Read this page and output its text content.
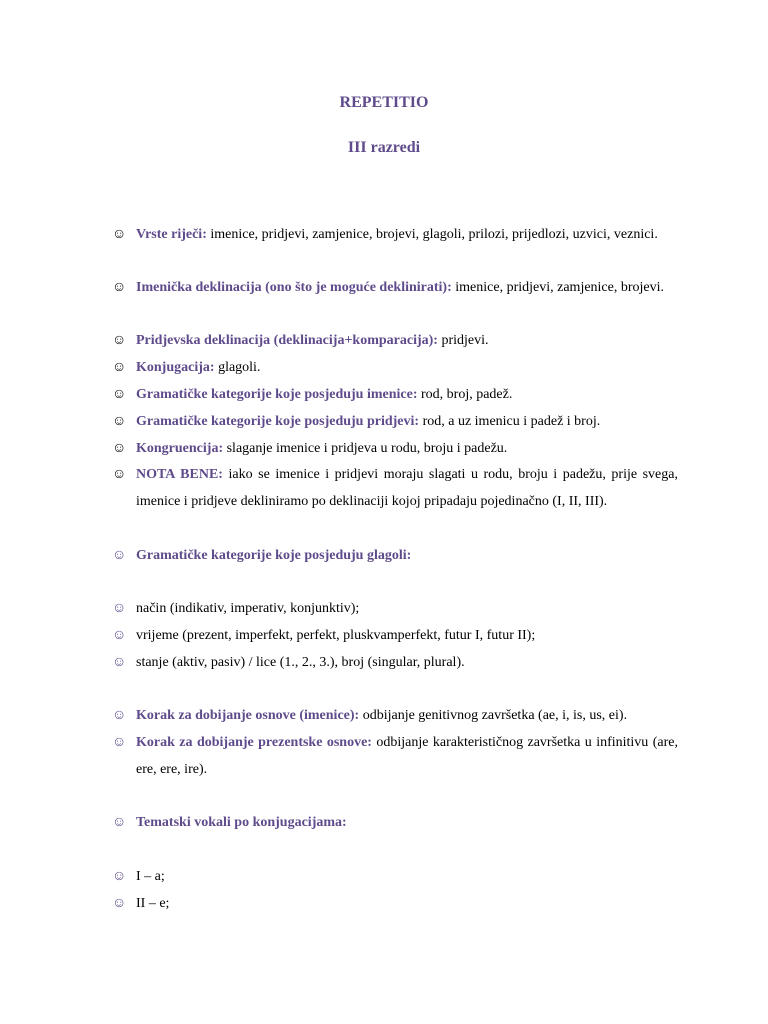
REPETITIO
III razredi
☺ Vrste riječi: imenice, pridjevi, zamjenice, brojevi, glagoli, prilozi, prijedlozi, uzvici, veznici.
☺ Imenička deklinacija (ono što je moguće deklinirati): imenice, pridjevi, zamjenice, brojevi.
☺ Pridjevska deklinacija (deklinacija+komparacija): pridjevi.
☺ Konjugacija: glagoli.
☺ Gramatičke kategorije koje posjeduju imenice: rod, broj, padež.
☺ Gramatičke kategorije koje posjeduju pridjevi: rod, a uz imenicu i padež i broj.
☺ Kongruencija: slaganje imenice i pridjeva u rodu, broju i padežu.
☺ NOTA BENE: iako se imenice i pridjevi moraju slagati u rodu, broju i padežu, prije svega, imenice i pridjeve dekliniramo po deklinaciji kojoj pripadaju pojedinačno (I, II, III).
☺ Gramatičke kategorije koje posjeduju glagoli:
☺ način (indikativ, imperativ, konjunktiv);
☺ vrijeme (prezent, imperfekt, perfekt, pluskvamperfekt, futur I, futur II);
☺ stanje (aktiv, pasiv) / lice (1., 2., 3.), broj (singular, plural).
☺ Korak za dobijanje osnove (imenice): odbijanje genitivnog završetka (ae, i, is, us, ei).
☺ Korak za dobijanje prezentske osnove: odbijanje karakterističnog završetka u infinitivu (are, ere, ere, ire).
☺ Tematski vokali po konjugacijama:
☺ I – a;
☺ II – e;
